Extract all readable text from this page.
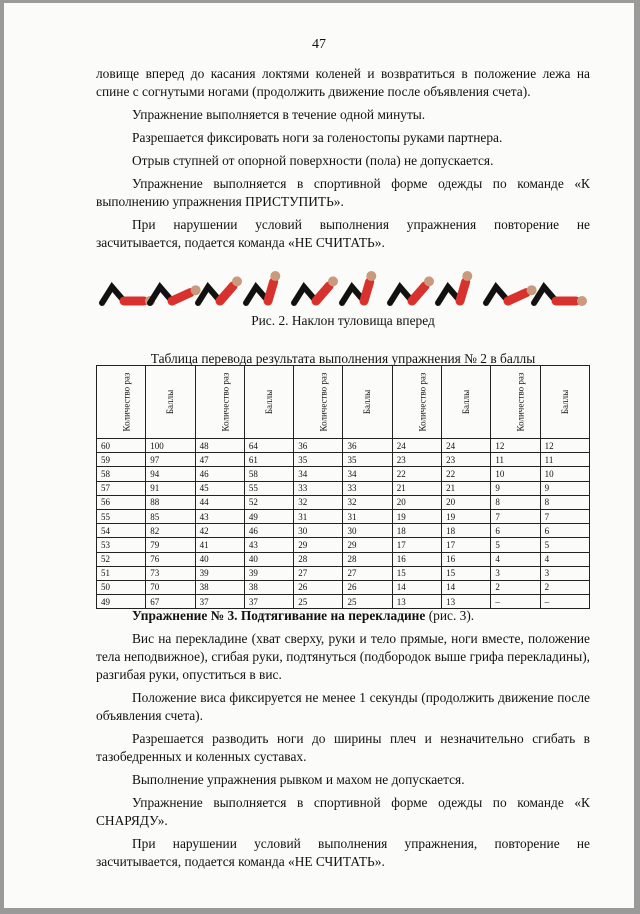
47

ловище вперед до касания локтями коленей и возвратиться в положение лежа на спине с согнутыми ногами (продолжить движение после объявления счета).

Упражнение выполняется в течение одной минуты.

Разрешается фиксировать ноги за голеностопы руками партнера.

Отрыв ступней от опорной поверхности (пола) не допускается.

Упражнение выполняется в спортивной форме одежды по команде «К выполнению упражнения ПРИСТУПИТЬ».

При нарушении условий выполнения упражнения повторение не засчитывается, подается команда «НЕ СЧИТАТЬ».

Рис. 2. Наклон туловища вперед
Таблица перевода результата выполнения упражнения № 2 в баллы
Количество раз	Баллы	Количество раз	Баллы	Количество раз	Баллы	Количество раз	Баллы	Количество раз	Баллы
60	100	48	64	36	36	24	24	12	12
59	97	47	61	35	35	23	23	11	11
58	94	46	58	34	34	22	22	10	10
57	91	45	55	33	33	21	21	9	9
56	88	44	52	32	32	20	20	8	8
55	85	43	49	31	31	19	19	7	7
54	82	42	46	30	30	18	18	6	6
53	79	41	43	29	29	17	17	5	5
52	76	40	40	28	28	16	16	4	4
51	73	39	39	27	27	15	15	3	3
50	70	38	38	26	26	14	14	2	2
49	67	37	37	25	25	13	13	–	–

Упражнение № 3. Подтягивание на перекладине (рис. 3).

Вис на перекладине (хват сверху, руки и тело прямые, ноги вместе, положение тела неподвижное), сгибая руки, подтянуться (подбородок выше грифа перекладины), разгибая руки, опуститься в вис.

Положение виса фиксируется не менее 1 секунды (продолжить движение после объявления счета).

Разрешается разводить ноги до ширины плеч и незначительно сгибать в тазобедренных и коленных суставах.

Выполнение упражнения рывком и махом не допускается.

Упражнение выполняется в спортивной форме одежды по команде «К СНАРЯДУ».

При нарушении условий выполнения упражнения, повторение не засчитывается, подается команда «НЕ СЧИТАТЬ».
